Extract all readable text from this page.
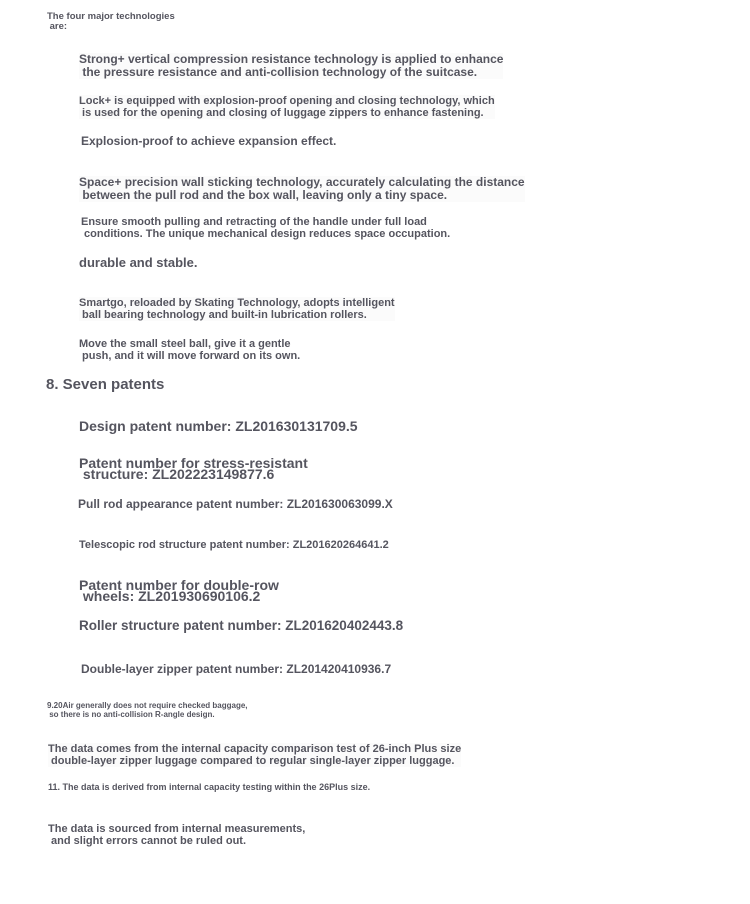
The four major technologies
are:
Strong+ vertical compression resistance technology is applied to enhance
the pressure resistance and anti-collision technology of the suitcase.
Lock+ is equipped with explosion-proof opening and closing technology, which
is used for the opening and closing of luggage zippers to enhance fastening.
Explosion-proof to achieve expansion effect.
Space+ precision wall sticking technology, accurately calculating the distance
between the pull rod and the box wall, leaving only a tiny space.
Ensure smooth pulling and retracting of the handle under full load
conditions. The unique mechanical design reduces space occupation.
durable and stable.
Smartgo, reloaded by Skating Technology, adopts intelligent
ball bearing technology and built-in lubrication rollers.
Move the small steel ball, give it a gentle
push, and it will move forward on its own.
8. Seven patents
Design patent number: ZL201630131709.5
Patent number for stress-resistant
structure: ZL202223149877.6
Pull rod appearance patent number: ZL201630063099.X
Telescopic rod structure patent number: ZL201620264641.2
Patent number for double-row
wheels: ZL201930690106.2
Roller structure patent number: ZL201620402443.8
Double-layer zipper patent number: ZL201420410936.7
9.20Air generally does not require checked baggage,
so there is no anti-collision R-angle design.
The data comes from the internal capacity comparison test of 26-inch Plus size
double-layer zipper luggage compared to regular single-layer zipper luggage.
11. The data is derived from internal capacity testing within the 26Plus size.
The data is sourced from internal measurements,
and slight errors cannot be ruled out.
